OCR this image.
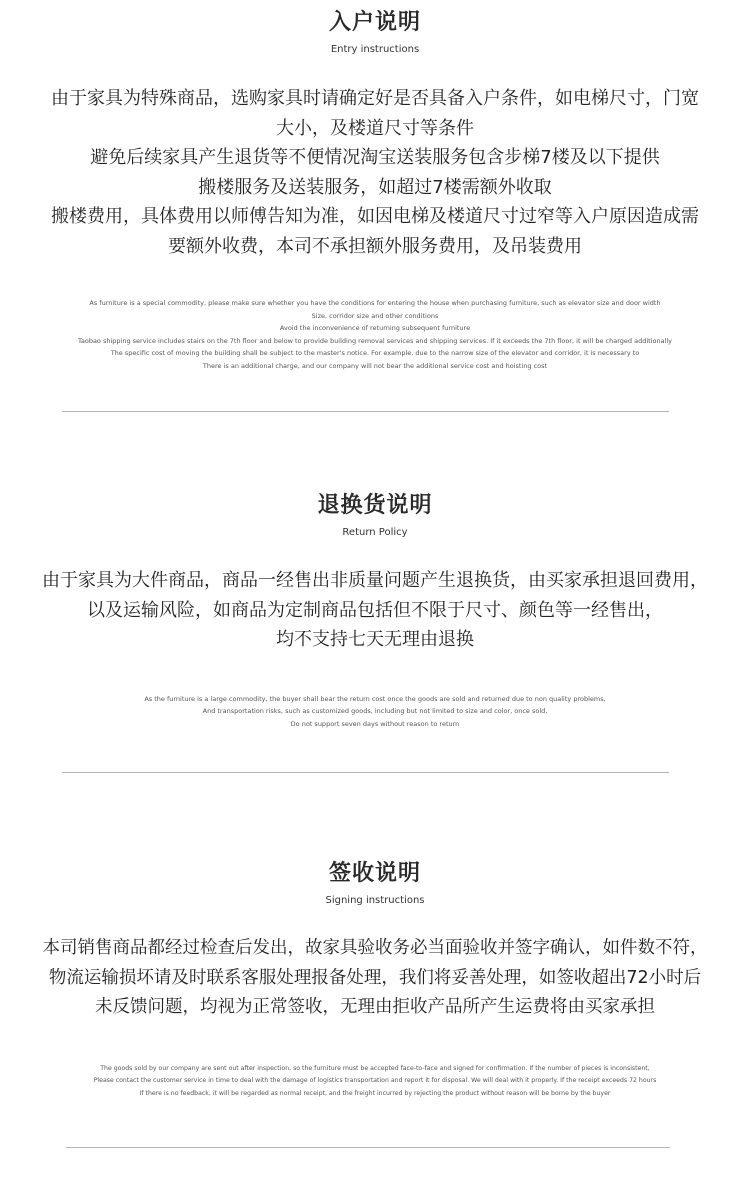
入户说明
Entry instructions
由于家具为特殊商品，选购家具时请确定好是否具备入户条件，如电梯尺寸，门宽
大小，及楼道尺寸等条件
避免后续家具产生退货等不便情况淘宝送装服务包含步梯7楼及以下提供
搬楼服务及送装服务，如超过7楼需额外收取
搬楼费用，具体费用以师傅告知为准，如因电梯及楼道尺寸过窄等入户原因造成需
要额外收费，本司不承担额外服务费用，及吊装费用
As furniture is a special commodity, please make sure whether you have the conditions for entering the house when purchasing furniture, such as elevator size and door width
Size, corridor size and other conditions
Avoid the inconvenience of returning subsequent furniture
Taobao shipping service includes stairs on the 7th floor and below to provide building removal services and shipping services. If it exceeds the 7th floor, it will be charged additionally
The specific cost of moving the building shall be subject to the master's notice. For example, due to the narrow size of the elevator and corridor, it is necessary to
There is an additional charge, and our company will not bear the additional service cost and hoisting cost
退换货说明
Return Policy
由于家具为大件商品，商品一经售出非质量问题产生退换货，由买家承担退回费用，
以及运输风险，如商品为定制商品包括但不限于尺寸、颜色等一经售出，
均不支持七天无理由退换
As the furniture is a large commodity, the buyer shall bear the return cost once the goods are sold and returned due to non quality problems,
And transportation risks, such as customized goods, including but not limited to size and color, once sold,
Do not support seven days without reason to return
签收说明
Signing instructions
本司销售商品都经过检查后发出，故家具验收务必当面验收并签字确认，如件数不符，
物流运输损坏请及时联系客服处理报备处理，我们将妥善处理，如签收超出72小时后
未反馈问题，均视为正常签收，无理由拒收产品所产生运费将由买家承担
The goods sold by our company are sent out after inspection, so the furniture must be accepted face-to-face and signed for confirmation. If the number of pieces is inconsistent,
Please contact the customer service in time to deal with the damage of logistics transportation and report it for disposal. We will deal with it properly. If the receipt exceeds 72 hours
If there is no feedback, it will be regarded as normal receipt, and the freight incurred by rejecting the product without reason will be borne by the buyer
